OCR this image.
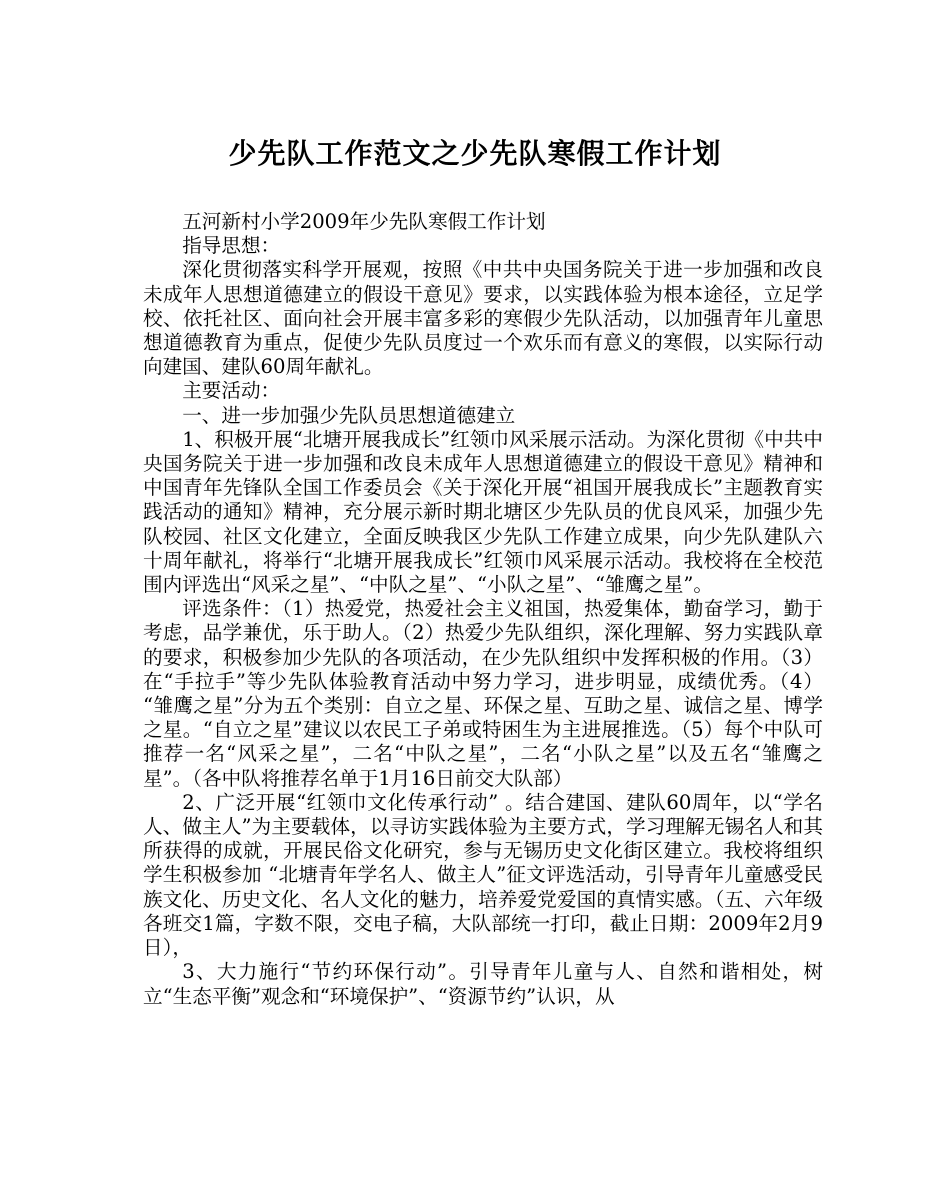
少先队工作范文之少先队寒假工作计划

五河新村小学2009年少先队寒假工作计划

指导思想：

深化贯彻落实科学开展观，按照《中共中央国务院关于进一步加强和改良未成年人思想道德建立的假设干意见》要求，以实践体验为根本途径，立足学校、依托社区、面向社会开展丰富多彩的寒假少先队活动，以加强青年儿童思想道德教育为重点，促使少先队员度过一个欢乐而有意义的寒假，以实际行动向建国、建队60周年献礼。

主要活动：

一、进一步加强少先队员思想道德建立

1、积极开展“北塘开展我成长”红领巾风采展示活动。为深化贯彻《中共中央国务院关于进一步加强和改良未成年人思想道德建立的假设干意见》精神和中国青年先锋队全国工作委员会《关于深化开展“祖国开展我成长”主题教育实践活动的通知》精神，充分展示新时期北塘区少先队员的优良风采，加强少先队校园、社区文化建立，全面反映我区少先队工作建立成果，向少先队建队六十周年献礼，将举行“北塘开展我成长”红领巾风采展示活动。我校将在全校范围内评选出“风采之星”、“中队之星”、“小队之星”、“雏鹰之星”。

评选条件：（1）热爱党，热爱社会主义祖国，热爱集体，勤奋学习，勤于考虑，品学兼优，乐于助人。（2）热爱少先队组织，深化理解、努力实践队章的要求，积极参加少先队的各项活动，在少先队组织中发挥积极的作用。（3）在“手拉手”等少先队体验教育活动中努力学习，进步明显，成绩优秀。（4） “雏鹰之星”分为五个类别：自立之星、环保之星、互助之星、诚信之星、博学之星。“自立之星”建议以农民工子弟或特困生为主进展推选。（5）每个中队可推荐一名“风采之星”，二名“中队之星”，二名“小队之星”以及五名“雏鹰之星”。（各中队将推荐名单于1月16日前交大队部）

2、广泛开展“红领巾文化传承行动” 。结合建国、建队60周年，以“学名人、做主人”为主要载体，以寻访实践体验为主要方式，学习理解无锡名人和其所获得的成就，开展民俗文化研究，参与无锡历史文化街区建立。我校将组织学生积极参加 “北塘青年学名人、做主人”征文评选活动，引导青年儿童感受民族文化、历史文化、名人文化的魅力，培养爱党爱国的真情实感。（五、六年级各班交1篇，字数不限，交电子稿，大队部统一打印，截止日期：2009年2月9日），

3、大力施行“节约环保行动”。引导青年儿童与人、自然和谐相处，树立“生态平衡”观念和“环境保护”、“资源节约”认识，从
